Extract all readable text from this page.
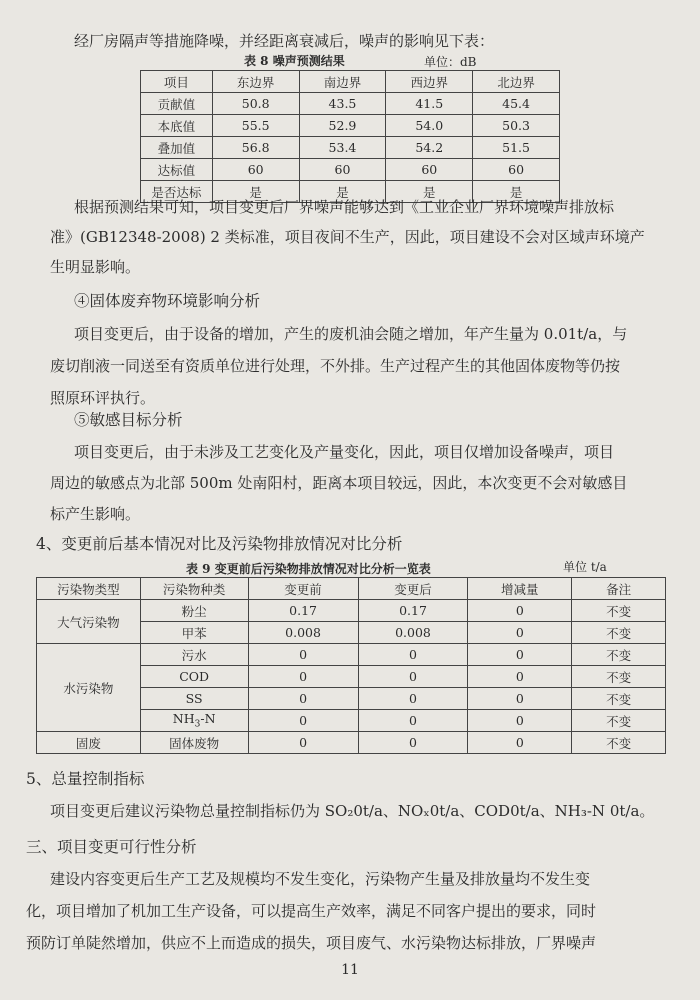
经厂房隔声等措施降噪，并经距离衰减后，噪声的影响见下表：
表 8 噪声预测结果	单位：dB
项目	东边界	南边界	西边界	北边界
贡献值	50.8	43.5	41.5	45.4
本底值	55.5	52.9	54.0	50.3
叠加值	56.8	53.4	54.2	51.5
达标值	60	60	60	60
是否达标	是	是	是	是
根据预测结果可知，项目变更后厂界噪声能够达到《工业企业厂界环境噪声排放标
准》(GB12348-2008) 2 类标准，项目夜间不生产，因此，项目建设不会对区域声环境产
生明显影响。
④固体废弃物环境影响分析
项目变更后，由于设备的增加，产生的废机油会随之增加，年产生量为 0.01t/a，与
废切削液一同送至有资质单位进行处理，不外排。生产过程产生的其他固体废物等仍按
照原环评执行。
⑤敏感目标分析
项目变更后，由于未涉及工艺变化及产量变化，因此，项目仅增加设备噪声，项目
周边的敏感点为北部 500m 处南阳村，距离本项目较远，因此，本次变更不会对敏感目
标产生影响。
4、变更前后基本情况对比及污染物排放情况对比分析
表 9 变更前后污染物排放情况对比分析一览表	单位 t/a
污染物类型	污染物种类	变更前	变更后	增减量	备注
大气污染物	粉尘	0.17	0.17	0	不变
	甲苯	0.008	0.008	0	不变
水污染物	污水	0	0	0	不变
	COD	0	0	0	不变
	SS	0	0	0	不变
	$NH_3-N$	0	0	0	不变
固废	固体废物	0	0	0	不变
5、总量控制指标
项目变更后建议污染物总量控制指标仍为 SO₂0t/a、NOₓ0t/a、COD0t/a、NH₃-N 0t/a。
三、项目变更可行性分析
建设内容变更后生产工艺及规模均不发生变化，污染物产生量及排放量均不发生变
化，项目增加了机加工生产设备，可以提高生产效率，满足不同客户提出的要求，同时
预防订单陡然增加，供应不上而造成的损失，项目废气、水污染物达标排放，厂界噪声
11
